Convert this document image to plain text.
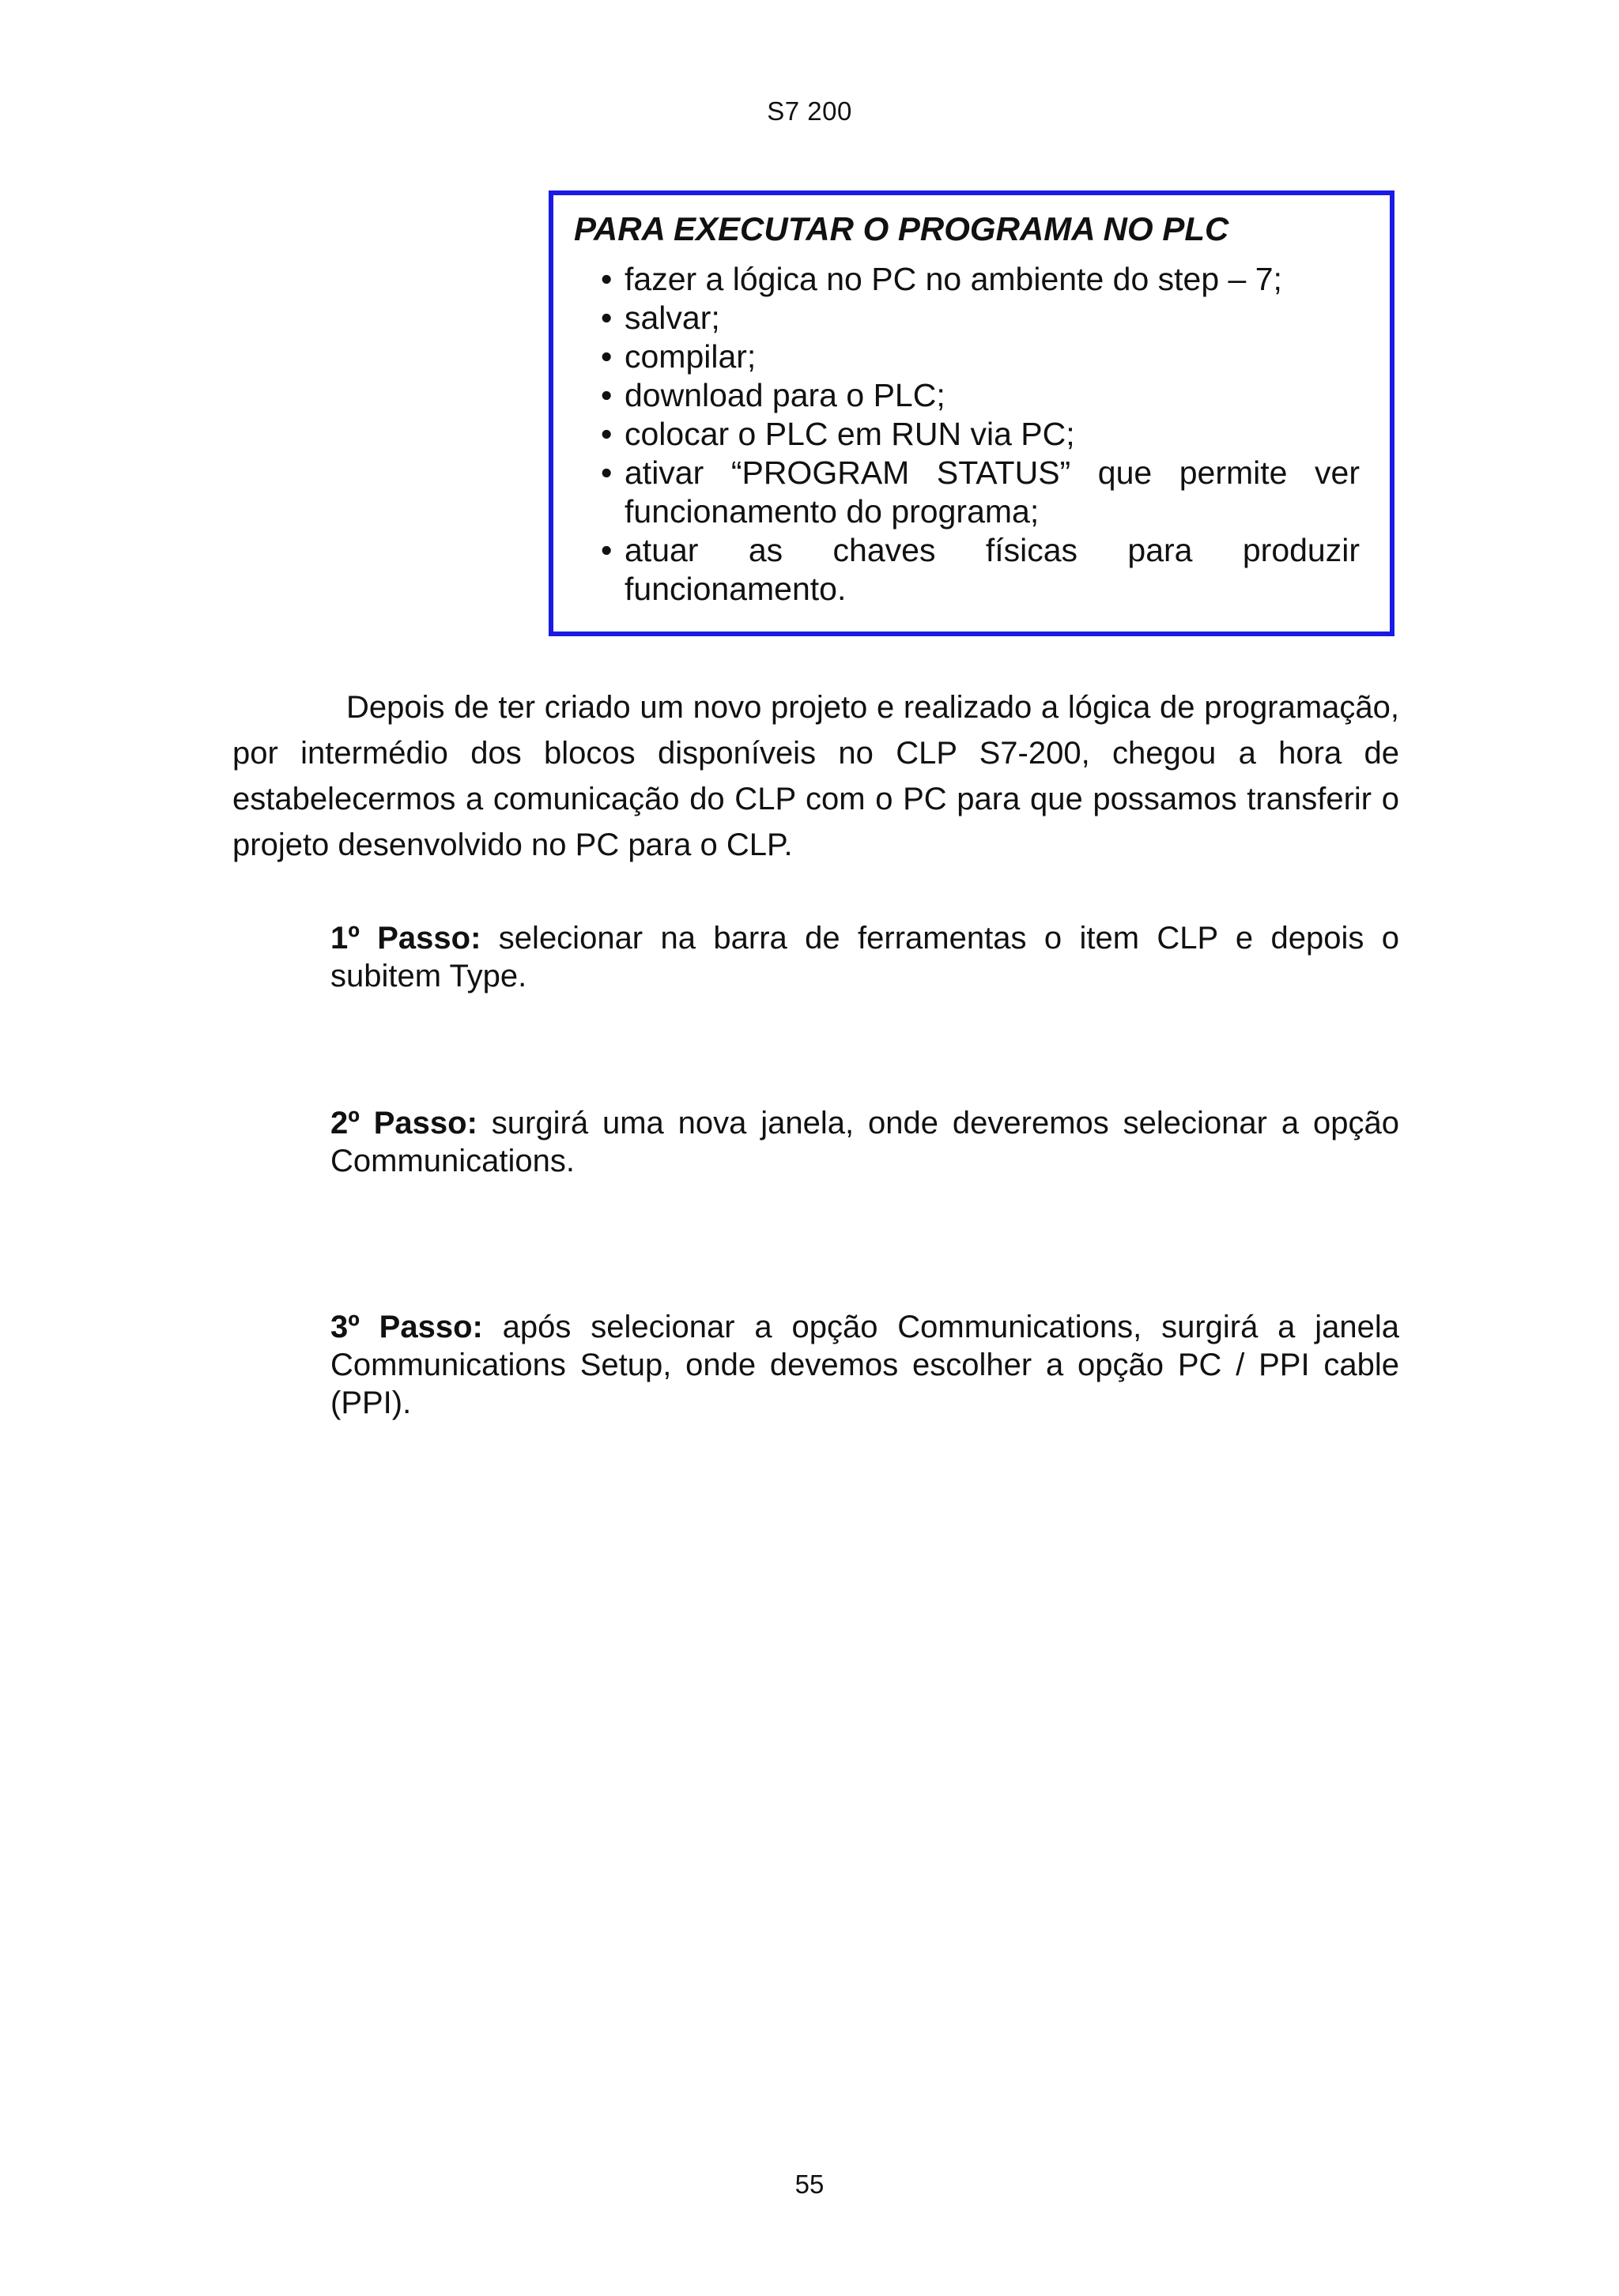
S7 200
PARA EXECUTAR O PROGRAMA NO PLC
• fazer a lógica no PC no ambiente do step – 7;
• salvar;
• compilar;
• download para o PLC;
• colocar o PLC em RUN via PC;
• ativar “PROGRAM STATUS” que permite ver funcionamento do programa;
• atuar as chaves físicas para produzir funcionamento.

Depois de ter criado um novo projeto e realizado a lógica de programação, por intermédio dos blocos disponíveis no CLP S7-200, chegou a hora de estabelecermos a comunicação do CLP com o PC para que possamos transferir o projeto desenvolvido no PC para o CLP.

1º Passo: selecionar na barra de ferramentas o item CLP e depois o subitem Type.

2º Passo: surgirá uma nova janela, onde deveremos selecionar a opção Communications.

3º Passo: após selecionar a opção Communications, surgirá a janela Communications Setup, onde devemos escolher a opção PC / PPI cable (PPI).

55
